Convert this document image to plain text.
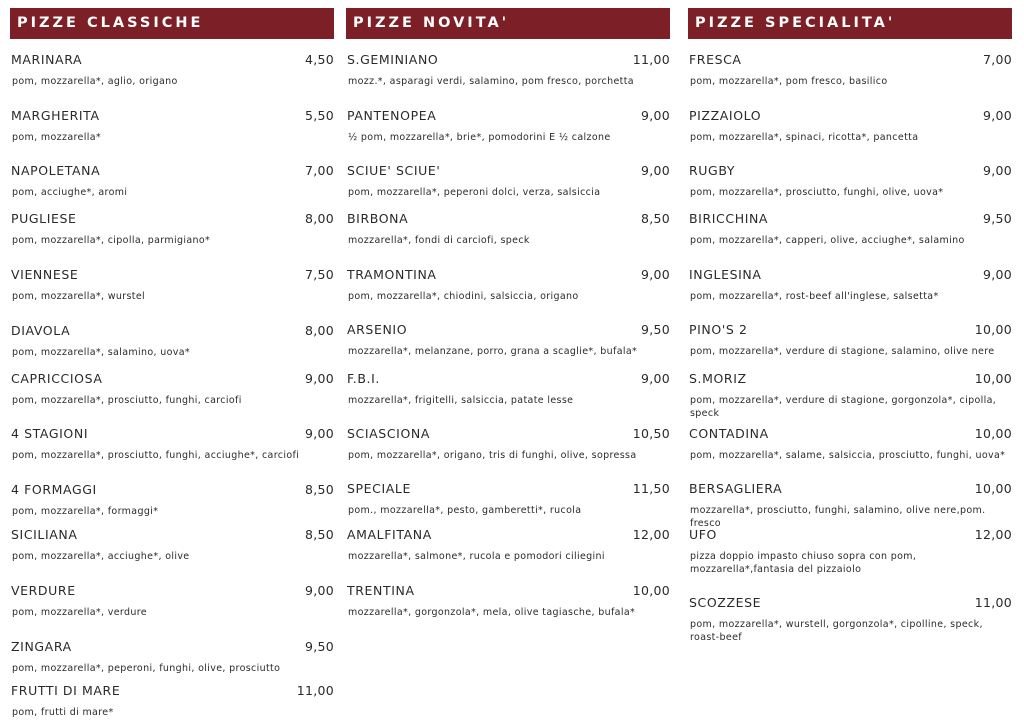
PIZZE CLASSICHE
MARINARA	4,50
pom, mozzarella*, aglio, origano
MARGHERITA	5,50
pom, mozzarella*
NAPOLETANA	7,00
pom, acciughe*, aromi
PUGLIESE	8,00
pom, mozzarella*, cipolla, parmigiano*
VIENNESE	7,50
pom, mozzarella*, wurstel
DIAVOLA	8,00
pom, mozzarella*, salamino, uova*
CAPRICCIOSA	9,00
pom, mozzarella*, prosciutto, funghi, carciofi
4 STAGIONI	9,00
pom, mozzarella*, prosciutto, funghi, acciughe*, carciofi
4 FORMAGGI	8,50
pom, mozzarella*, formaggi*
SICILIANA	8,50
pom, mozzarella*, acciughe*, olive
VERDURE	9,00
pom, mozzarella*, verdure
ZINGARA	9,50
pom, mozzarella*, peperoni, funghi, olive, prosciutto
FRUTTI DI MARE	11,00
pom, frutti di mare*
PIZZE NOVITA'
S.GEMINIANO	11,00
mozz.*, asparagi verdi, salamino, pom fresco, porchetta
PANTENOPEA	9,00
½ pom, mozzarella*, brie*, pomodorini E ½ calzone
SCIUE' SCIUE'	9,00
pom, mozzarella*, peperoni dolci, verza, salsiccia
BIRBONA	8,50
mozzarella*, fondi di carciofi, speck
TRAMONTINA	9,00
pom, mozzarella*, chiodini, salsiccia, origano
ARSENIO	9,50
mozzarella*, melanzane, porro, grana a scaglie*, bufala*
F.B.I.	9,00
mozzarella*, frigitelli, salsiccia, patate lesse
SCIASCIONA	10,50
pom, mozzarella*, origano, tris di funghi, olive, sopressa
SPECIALE	11,50
pom., mozzarella*, pesto, gamberetti*, rucola
AMALFITANA	12,00
mozzarella*, salmone*, rucola e pomodori ciliegini
TRENTINA	10,00
mozzarella*, gorgonzola*, mela, olive tagiasche, bufala*
PIZZE SPECIALITA'
FRESCA	7,00
pom, mozzarella*, pom fresco, basilico
PIZZAIOLO	9,00
pom, mozzarella*, spinaci, ricotta*, pancetta
RUGBY	9,00
pom, mozzarella*, prosciutto, funghi, olive, uova*
BIRICCHINA	9,50
pom, mozzarella*, capperi, olive, acciughe*, salamino
INGLESINA	9,00
pom, mozzarella*, rost-beef all'inglese, salsetta*
PINO'S 2	10,00
pom, mozzarella*, verdure di stagione, salamino, olive nere
S.MORIZ	10,00
pom, mozzarella*, verdure di stagione, gorgonzola*, cipolla, speck
CONTADINA	10,00
pom, mozzarella*, salame, salsiccia, prosciutto, funghi, uova*
BERSAGLIERA	10,00
mozzarella*, prosciutto, funghi, salamino, olive nere,pom. fresco
UFO	12,00
pizza doppio impasto chiuso sopra con pom, mozzarella*,fantasia del pizzaiolo
SCOZZESE	11,00
pom, mozzarella*, wurstell, gorgonzola*, cipolline, speck, roast-beef
